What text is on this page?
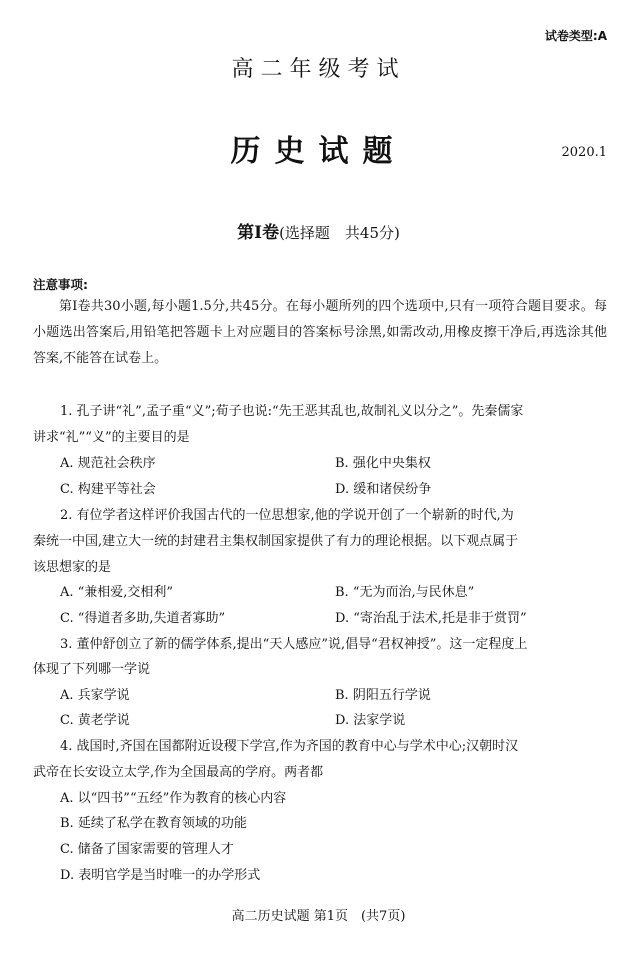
试卷类型:A
高二年级考试
历史试题	2020.1
第Ⅰ卷(选择题　共45分)
注意事项:
第Ⅰ卷共30小题,每小题1.5分,共45分。在每小题所列的四个选项中,只有一项符合题目要求。每小题选出答案后,用铅笔把答题卡上对应题目的答案标号涂黑,如需改动,用橡皮擦干净后,再选涂其他答案,不能答在试卷上。
1. 孔子讲“礼”,孟子重“义”;荀子也说:“先王恶其乱也,故制礼义以分之”。先秦儒家
讲求“礼”“义”的主要目的是
A. 规范社会秩序	B. 强化中央集权
C. 构建平等社会	D. 缓和诸侯纷争
2. 有位学者这样评价我国古代的一位思想家,他的学说开创了一个崭新的时代,为
秦统一中国,建立大一统的封建君主集权制国家提供了有力的理论根据。以下观点属于
该思想家的是
A. “兼相爱,交相利”	B. “无为而治,与民休息”
C. “得道者多助,失道者寡助”	D. “寄治乱于法术,托是非于赏罚”
3. 董仲舒创立了新的儒学体系,提出“天人感应”说,倡导“君权神授”。这一定程度上
体现了下列哪一学说
A. 兵家学说	B. 阴阳五行学说
C. 黄老学说	D. 法家学说
4. 战国时,齐国在国都附近设稷下学宫,作为齐国的教育中心与学术中心;汉朝时汉
武帝在长安设立太学,作为全国最高的学府。两者都
A. 以“四书”“五经”作为教育的核心内容
B. 延续了私学在教育领域的功能
C. 储备了国家需要的管理人才
D. 表明官学是当时唯一的办学形式
高二历史试题 第1页　(共7页)
